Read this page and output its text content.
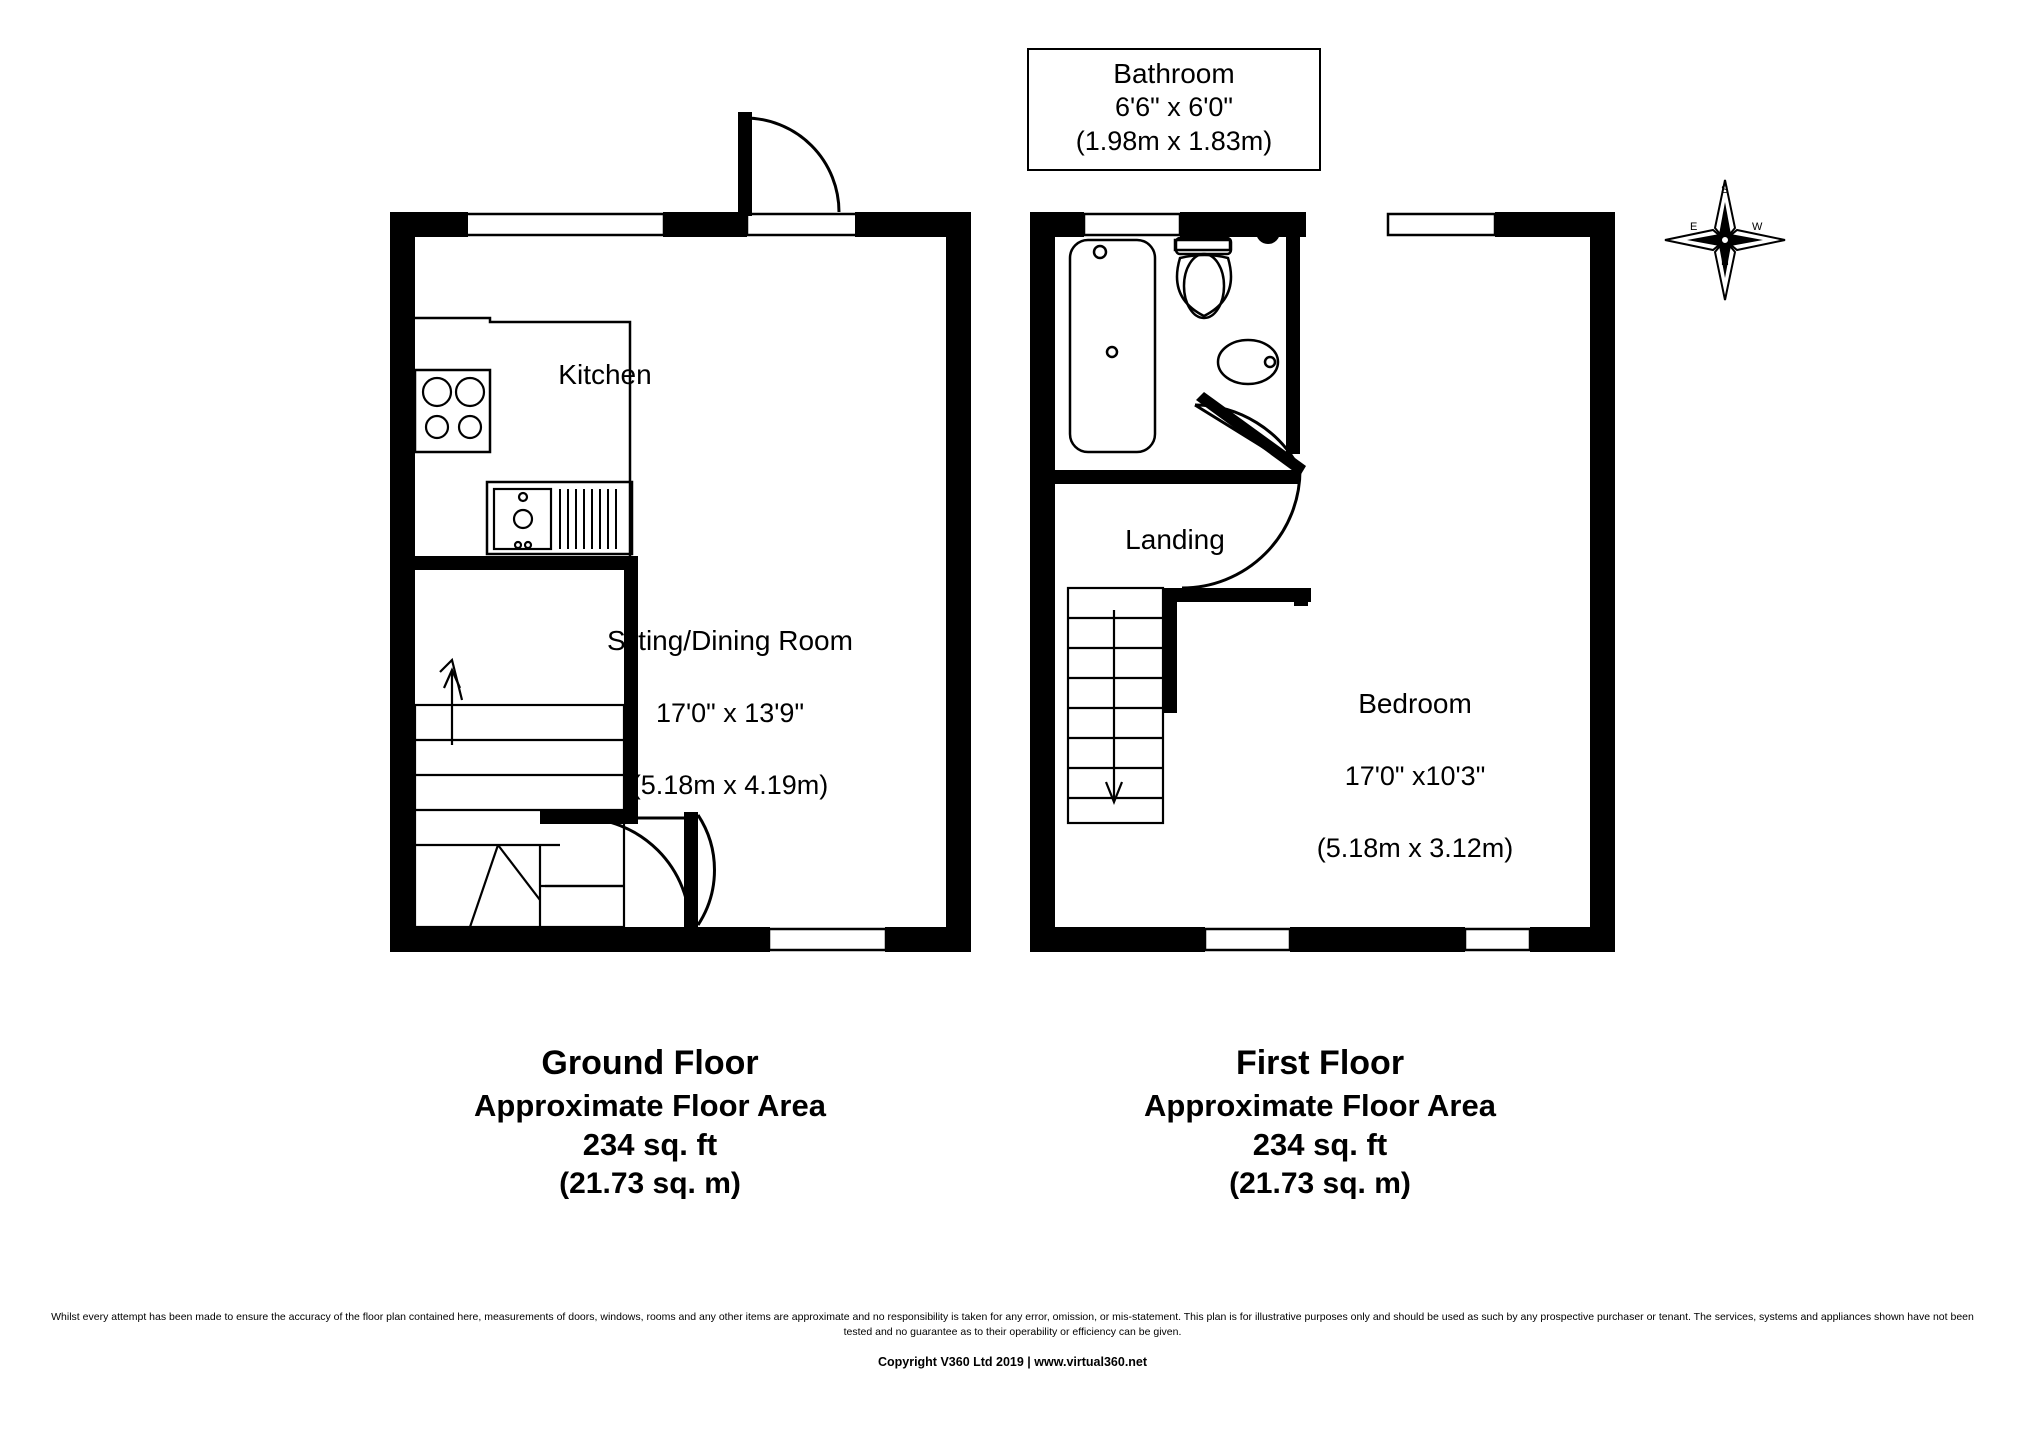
S
N
E	W
Kitchen

Siiting/Dining Room

17'0" x 13'9"

(5.18m x 4.19m)

Bathroom
6'6" x 6'0"
(1.98m x 1.83m)
Landing

Bedroom

17'0" x10'3"

(5.18m x 3.12m)

Ground Floor
Approximate Floor Area
234 sq. ft
(21.73 sq. m)
First Floor
Approximate Floor Area
234 sq. ft
(21.73 sq. m)
Whilst every attempt has been made to ensure the accuracy of the floor plan contained here, measurements of doors, windows, rooms and any other items are approximate and no responsibility is taken for any error, omission, or mis-statement. This plan is for illustrative purposes only and should be used as such by any prospective purchaser or tenant. The services, systems and appliances shown have not been tested and no guarantee as to their operability or efficiency can be given.
Copyright V360 Ltd 2019 | www.virtual360.net
